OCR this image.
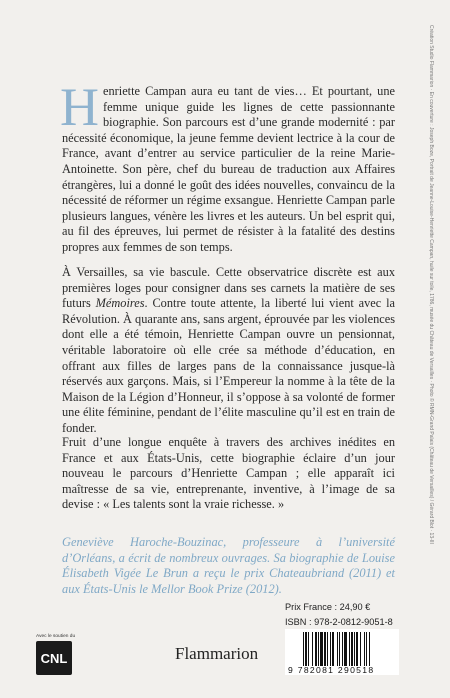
Henriette Campan aura eu tant de vies… Et pourtant, une femme unique guide les lignes de cette passionnante biographie. Son parcours est d’une grande modernité : par nécessité économique, la jeune femme devient lectrice à la cour de France, avant d’entrer au service particulier de la reine Marie-Antoinette. Son père, chef du bureau de traduction aux Affaires étrangères, lui a donné le goût des idées nouvelles, convaincu de la nécessité de réformer un régime exsangue. Henriette Campan parle plusieurs langues, vénère les livres et les auteurs. Un bel esprit qui, au fil des épreuves, lui permet de résister à la fatalité des destins propres aux femmes de son temps.
À Versailles, sa vie bascule. Cette observatrice discrète est aux premières loges pour consigner dans ses carnets la matière de ses futurs Mémoires. Contre toute attente, la liberté lui vient avec la Révolution. À quarante ans, sans argent, éprouvée par les violences dont elle a été témoin, Henriette Campan ouvre un pensionnat, véritable laboratoire où elle crée sa méthode d’éducation, en offrant aux filles de larges pans de la connaissance jusque-là réservés aux garçons. Mais, si l’Empereur la nomme à la tête de la Maison de la Légion d’Honneur, il s’oppose à sa volonté de former une élite féminine, pendant de l’élite masculine qu’il est en train de fonder.
Fruit d’une longue enquête à travers des archives inédites en France et aux États-Unis, cette biographie éclaire d’un jour nouveau le parcours d’Henriette Campan ; elle apparaît ici maîtresse de sa vie, entreprenante, inventive, à l’image de sa devise : « Les talents sont la vraie richesse. »
Geneviève Haroche-Bouzinac, professeure à l’université d’Orléans, a écrit de nombreux ouvrages. Sa biographie de Louise Élisabeth Vigée Le Brun a reçu le prix Chateaubriand (2011) et aux États-Unis le Mellor Book Prize (2012).
Création Studio Flammarion · En couverture : Joseph Boze, Portrait de Jeanne-Louise-Henriette Campan, huile sur toile, 1786, musée du Château de Versailles · Photo © RMN-Grand Palais (Château de Versailles) / Gérard Blot · 13-III
Avec le soutien du
CNL	Flammarion
Prix France : 24,90 €
ISBN : 978-2-0812-9051-8
9 782081 290518
